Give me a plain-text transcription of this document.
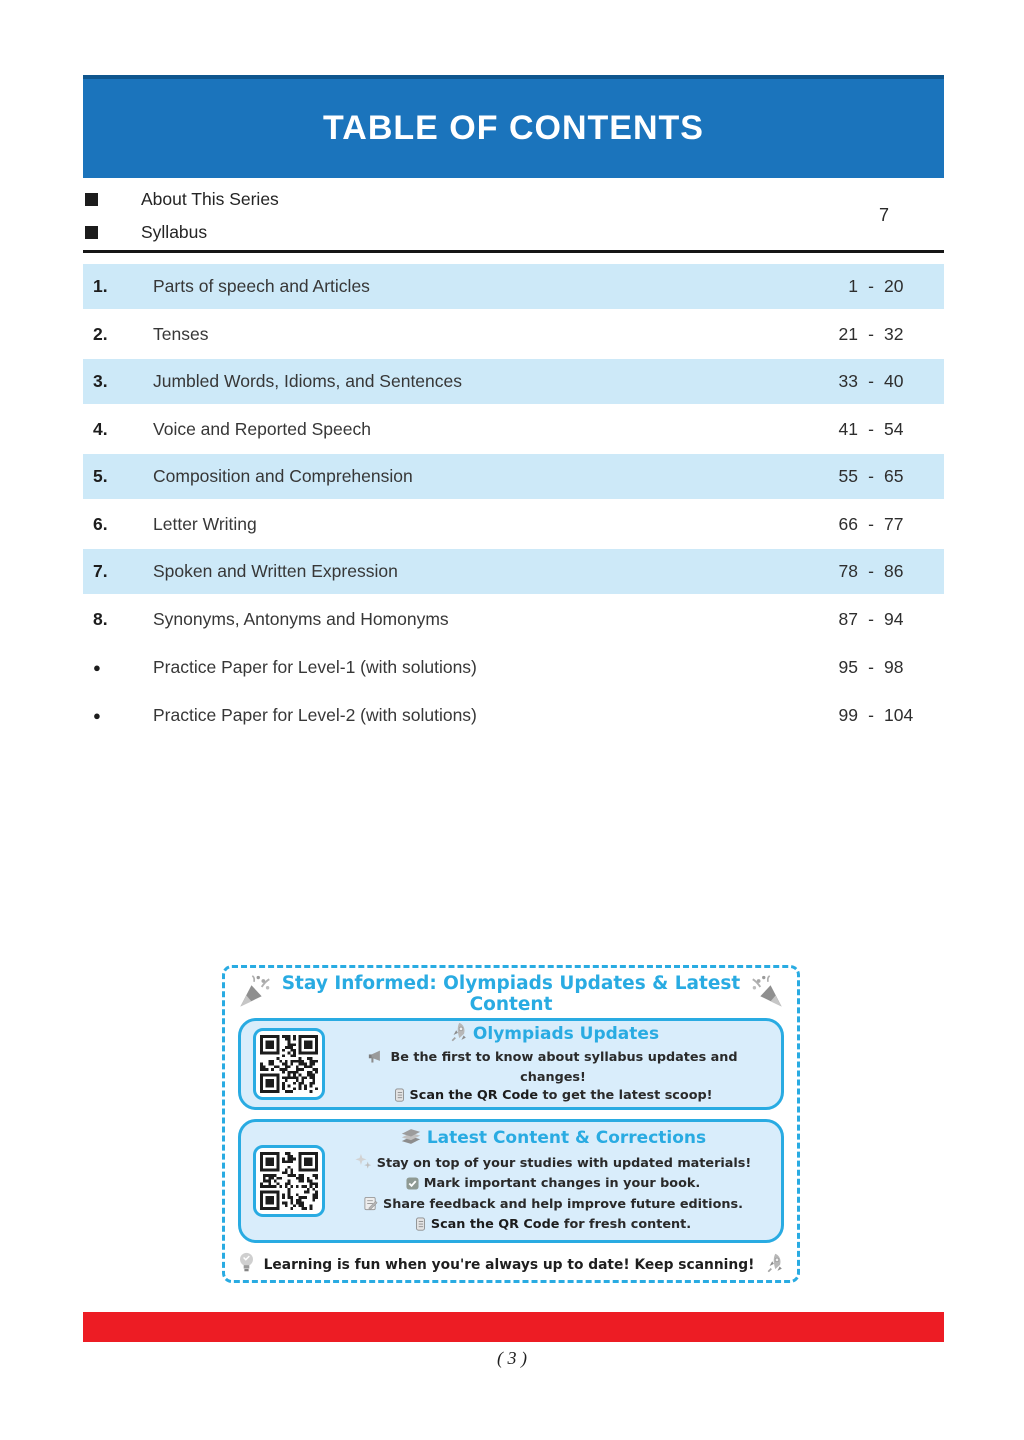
TABLE OF CONTENTS
About This Series
Syllabus
7
1.	Parts of speech and Articles	1 - 20
2.	Tenses	21 - 32
3.	Jumbled Words, Idioms, and Sentences	33 - 40
4.	Voice and Reported Speech	41 - 54
5.	Composition and Comprehension	55 - 65
6.	Letter Writing	66 - 77
7.	Spoken and Written Expression	78 - 86
8.	Synonyms, Antonyms and Homonyms	87 - 94
●	Practice Paper for Level-1 (with solutions)	95 - 98
●	Practice Paper for Level-2 (with solutions)	99 - 104
Stay Informed: Olympiads Updates & Latest Content
Olympiads Updates
Be the first to know about syllabus updates and changes!
Scan the QR Code to get the latest scoop!
Latest Content & Corrections
Stay on top of your studies with updated materials!
Mark important changes in your book.
Share feedback and help improve future editions.
Scan the QR Code for fresh content.
Learning is fun when you're always up to date! Keep scanning!
( 3 )
